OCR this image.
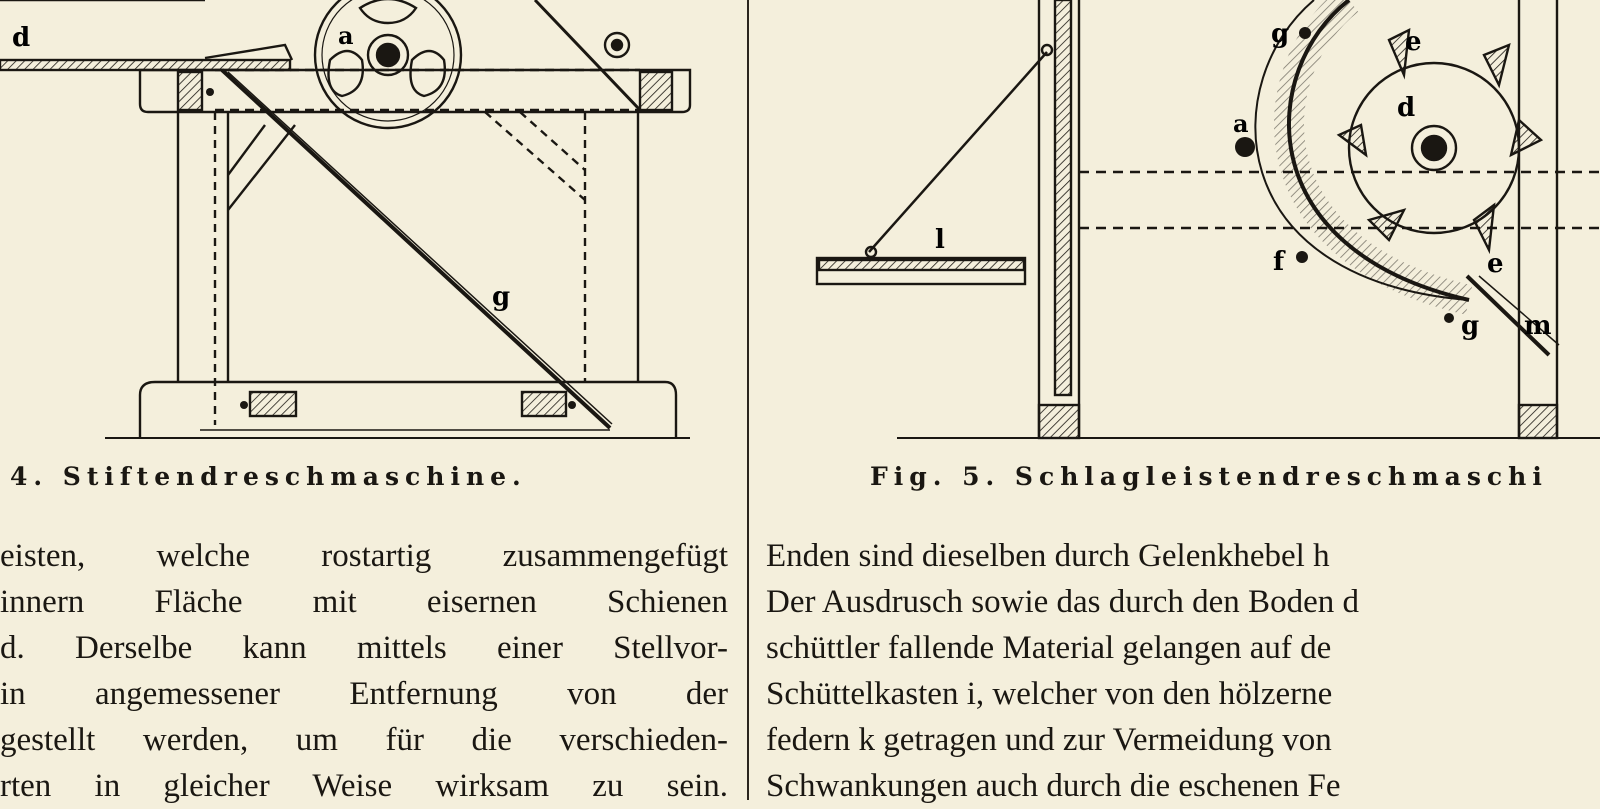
d	a
g
g	e
a
d
l
f	e
g m
4. Stiftendreschmaschine.	Fig. 5. Schlagleistendreschmaschi
eisten, welche rostartig zusammengefügt
innern Fläche mit eisernen Schienen
d. Derselbe kann mittels einer Stellvor-
in angemessener Entfernung von der
gestellt werden, um für die verschieden-
rten in gleicher Weise wirksam zu sein.
Enden sind dieselben durch Gelenkhebel h
Der Ausdrusch sowie das durch den Boden d
schüttler fallende Material gelangen auf de
Schüttelkasten i, welcher von den hölzerne
federn k getragen und zur Vermeidung von
Schwankungen auch durch die eschenen Fe
